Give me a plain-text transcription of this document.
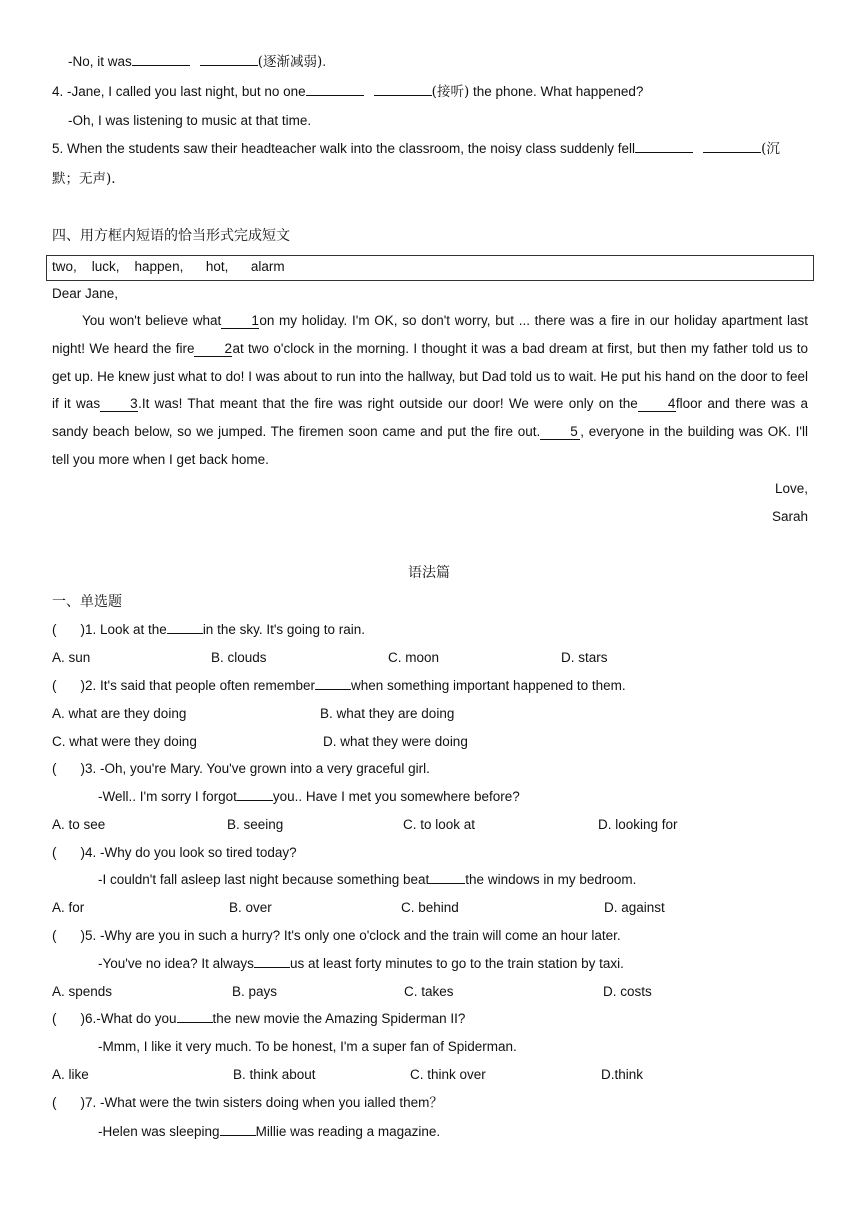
-No, it was	(逐渐减弱).
4. -Jane, I called you last night, but no one	(接听) the phone. What happened?
-Oh, I was listening to music at that time.
5. When the students saw their headteacher walk into the classroom, the noisy class suddenly fell	(沉
默；无声).
四、用方框内短语的恰当形式完成短文
two,    luck,    happen,      hot,      alarm
Dear Jane,
You won't believe what 1on my holiday. I'm OK, so don't worry, but ... there was a fire in our holiday apartment last night! We heard the fire 2at two o'clock in the morning. I thought it was a bad dream at first, but then my father told us to get up. He knew just what to do! I was about to run into the hallway, but Dad told us to wait. He put his hand on the door to feel if it was 3.It was! That meant that the fire was right outside our door! We were only on the 4floor and there was a sandy beach below, so we jumped. The firemen soon came and put the fire out. 5 , everyone in the building was OK. I'll tell you more when I get back home.
Love,
Sarah
语法篇
一、单选题
( )1. Look at the	in the sky. It's going to rain.
A. sun	B. clouds	C. moon	D. stars
( )2. It's said that people often remember	when something important happened to them.
A. what are they doing	B. what they are doing
C. what were they doing	D. what they were doing
( )3. -Oh, you're Mary. You've grown into a very graceful girl.
-Well.. I'm sorry I forgot	you.. Have I met you somewhere before?
A. to see	B. seeing	C. to look at	D. looking for
( )4. -Why do you look so tired today?
-I couldn't fall asleep last night because something beat	the windows in my bedroom.
A. for	B. over	C. behind	D. against
( )5. -Why are you in such a hurry? It's only one o'clock and the train will come an hour later.
-You've no idea? It always	us at least forty minutes to go to the train station by taxi.
A. spends	B. pays	C. takes	D. costs
( )6.-What do you	the new movie the Amazing Spiderman II?
-Mmm, I like it very much. To be honest, I'm a super fan of Spiderman.
A. like	B. think about	C. think over	D.think
( )7. -What were the twin sisters doing when you ialled them？
-Helen was sleeping	Millie was reading a magazine.
